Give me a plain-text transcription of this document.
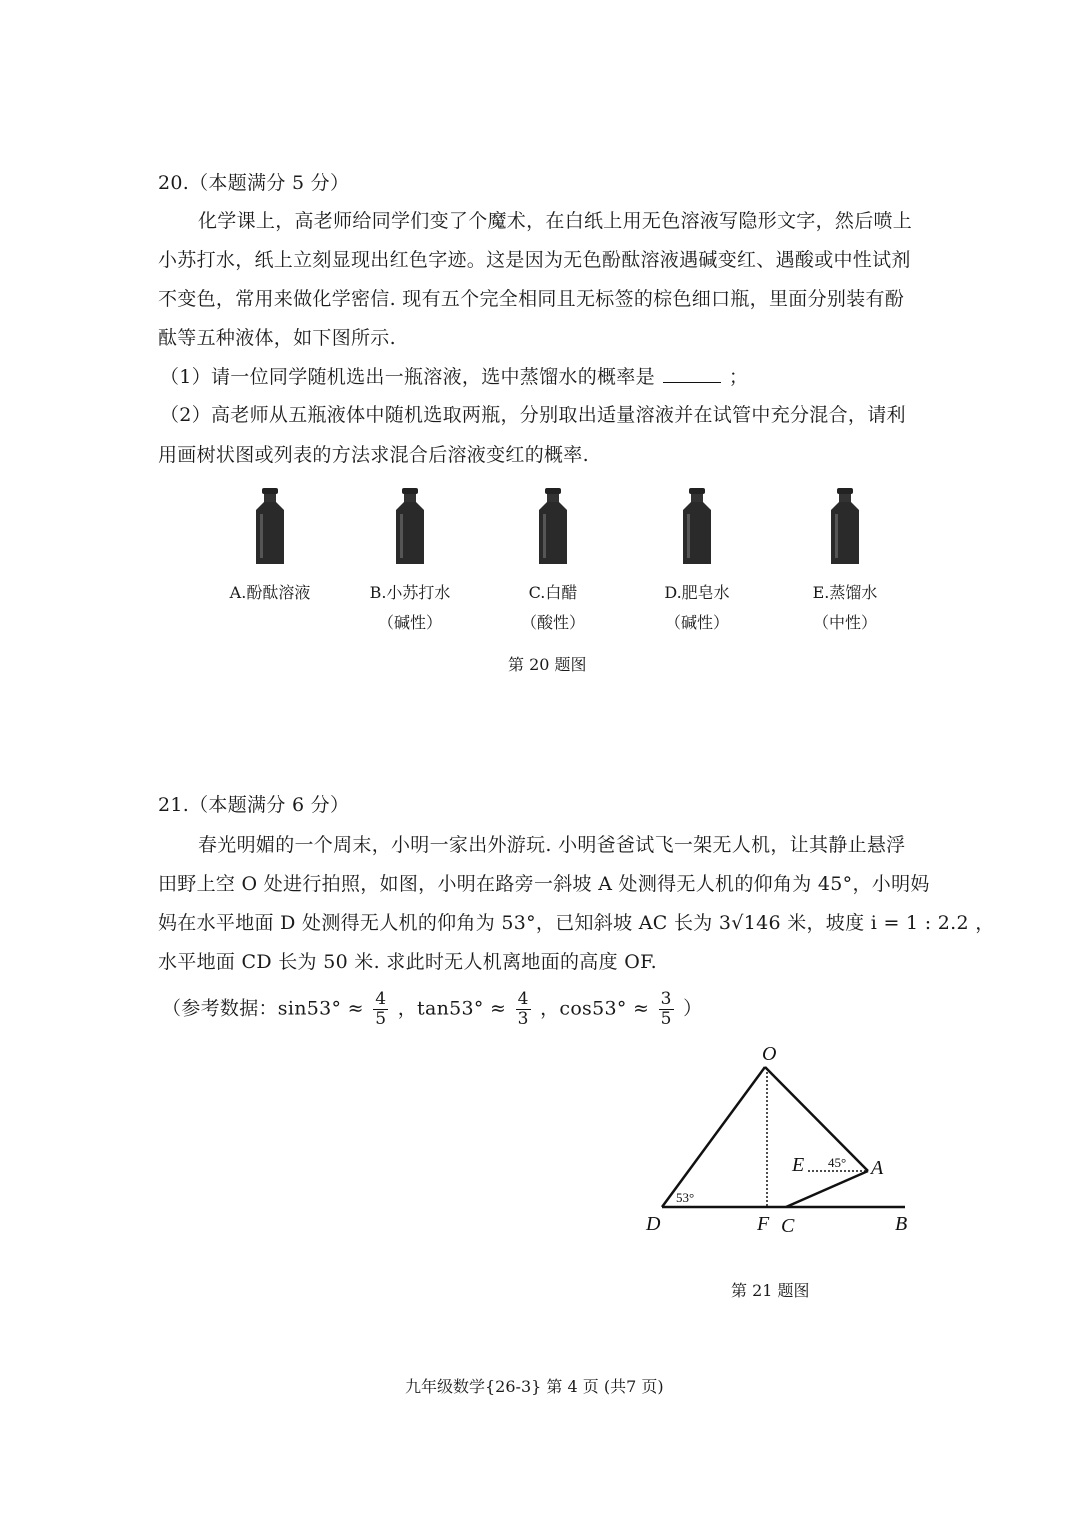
20.（本题满分 5 分）
化学课上，高老师给同学们变了个魔术，在白纸上用无色溶液写隐形文字，然后喷上
小苏打水，纸上立刻显现出红色字迹。这是因为无色酚酞溶液遇碱变红、遇酸或中性试剂
不变色，常用来做化学密信. 现有五个完全相同且无标签的棕色细口瓶，里面分别装有酚
酞等五种液体，如下图所示.
（1）请一位同学随机选出一瓶溶液，选中蒸馏水的概率是	；
（2）高老师从五瓶液体中随机选取两瓶，分别取出适量溶液并在试管中充分混合，请利
用画树状图或列表的方法求混合后溶液变红的概率.
A.酚酞溶液	B.小苏打水
（碱性）
C.白醋
（酸性）
D.肥皂水
（碱性）
E.蒸馏水
（中性）
第 20 题图
21.（本题满分 6 分）
春光明媚的一个周末，小明一家出外游玩. 小明爸爸试飞一架无人机，让其静止悬浮
田野上空 O 处进行拍照，如图，小明在路旁一斜坡 A 处测得无人机的仰角为 45°，小明妈
妈在水平地面 D 处测得无人机的仰角为 53°，已知斜坡 AC 长为 3√146 米，坡度 i = 1 : 2.2 ，
水平地面 CD 长为 50 米. 求此时无人机离地面的高度 OF.
（参考数据：$\sin 53^\circ \approx \frac{4}{5}$ ，$\tan 53^\circ \approx \frac{4}{3}$ ，$\cos 53^\circ \approx \frac{3}{5}$ ）
O
E	A
D	F C	B
53°
45°
第 21 题图
九年级数学{26-3} 第 4 页 (共7 页)
